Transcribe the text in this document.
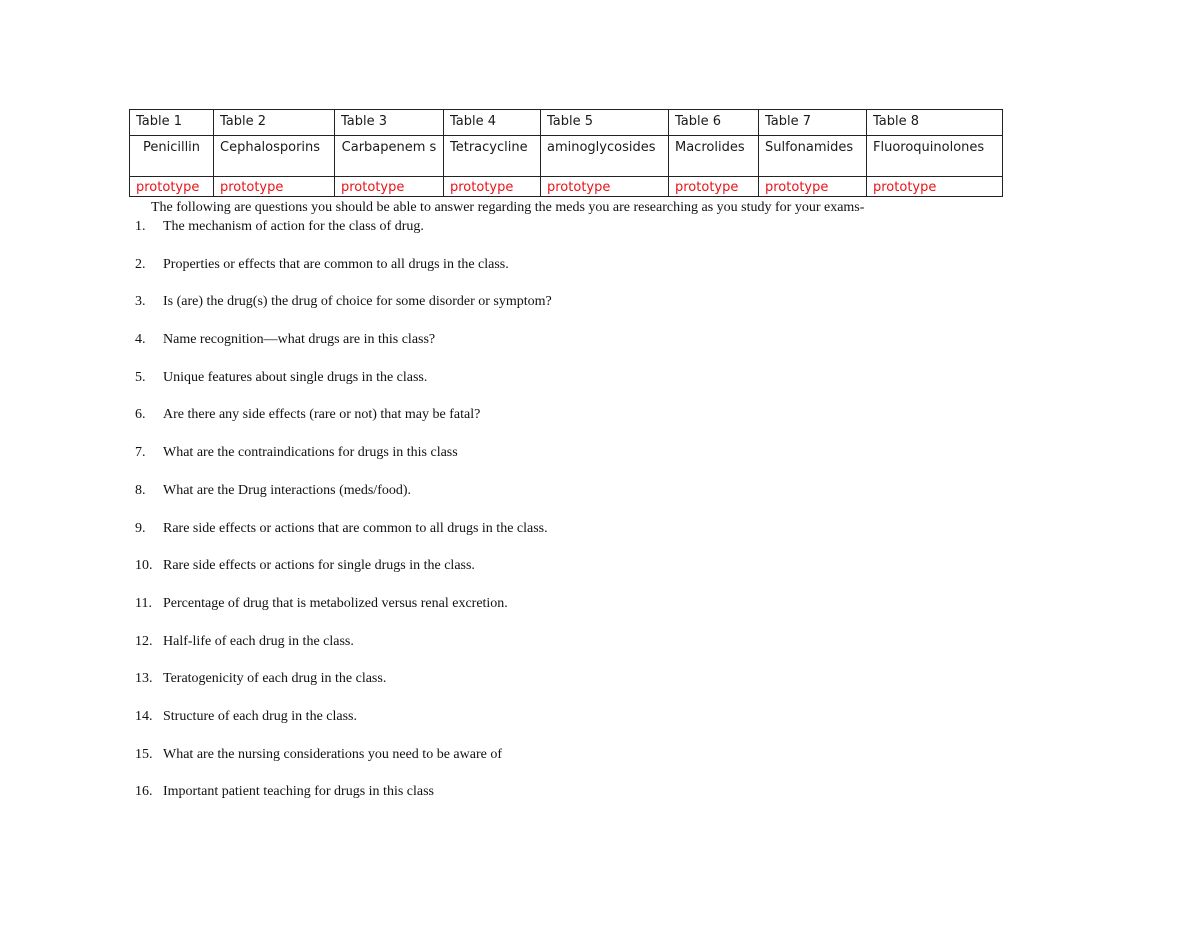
Table 1	Table 2	Table 3	Table 4	Table 5	Table 6	Table 7	Table 8
Penicillin	Cephalosporins	Carbapenem s	Tetracycline	aminoglycosides	Macrolides	Sulfonamides	Fluoroquinolones
prototype	prototype	prototype	prototype	prototype	prototype	prototype	prototype
The following are questions you should be able to answer regarding the meds you are researching as you study for your exams-
1.	The mechanism of action for the class of drug.
2.	Properties or effects that are common to all drugs in the class.
3.	Is (are) the drug(s) the drug of choice for some disorder or symptom?
4.	Name recognition—what drugs are in this class?
5.	Unique features about single drugs in the class.
6.	Are there any side effects (rare or not) that may be fatal?
7.	What are the contraindications for drugs in this class
8.	What are the Drug interactions (meds/food).
9.	Rare side effects or actions that are common to all drugs in the class.
10. Rare side effects or actions for single drugs in the class.
11. Percentage of drug that is metabolized versus renal excretion.
12. Half-life of each drug in the class.
13. Teratogenicity of each drug in the class.
14. Structure of each drug in the class.
15. What are the nursing considerations you need to be aware of
16. Important patient teaching for drugs in this class
